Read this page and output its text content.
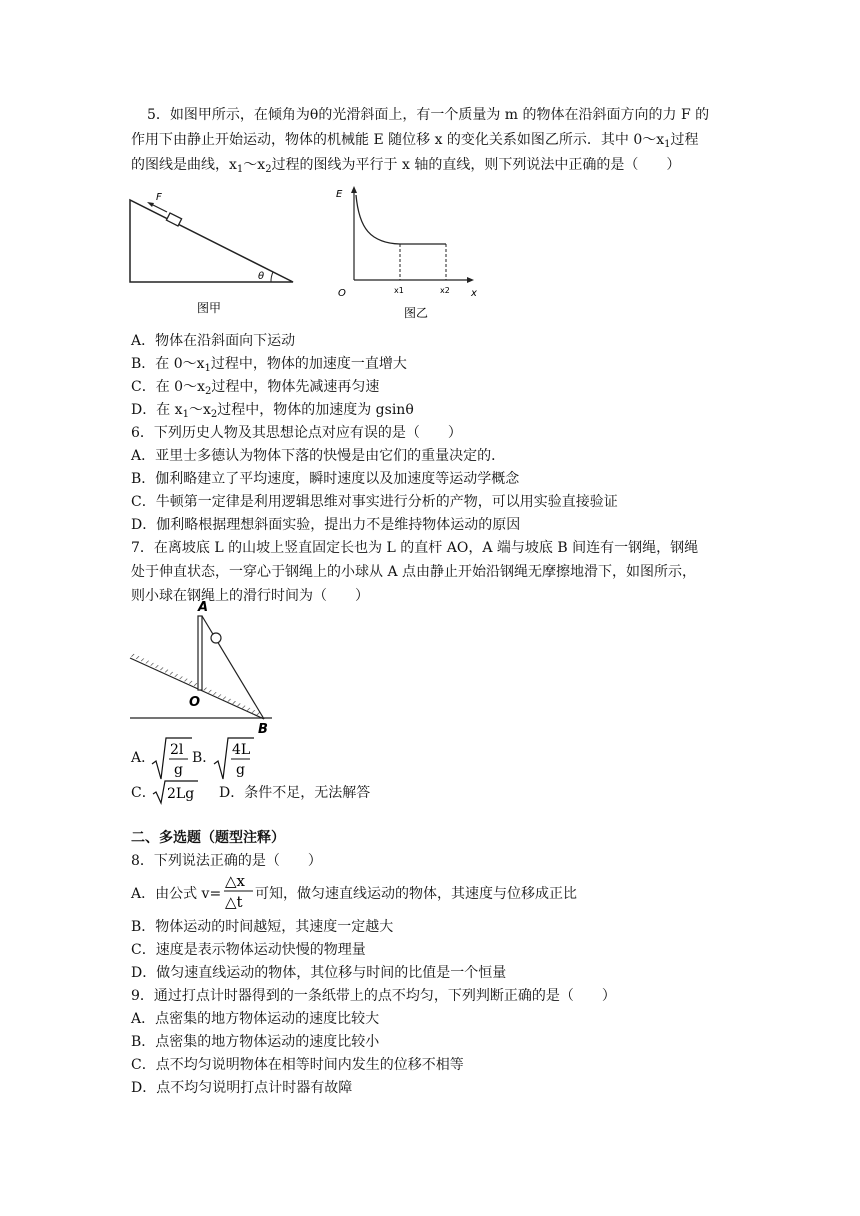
5．如图甲所示，在倾角为θ的光滑斜面上，有一个质量为 m 的物体在沿斜面方向的力 F 的
作用下由静止开始运动，物体的机械能 E 随位移 x 的变化关系如图乙所示．其中 $0\sim x_1$过程
的图线是曲线，$x_1\sim x_2$过程的图线为平行于 x 轴的直线，则下列说法中正确的是（　　）
F
θ
图甲
E
x
O	x1	x2
图乙
A．物体在沿斜面向下运动
B．在 $0\sim x_1$过程中，物体的加速度一直增大
C．在 $0\sim x_2$过程中，物体先减速再匀速
D．在 $x_1\sim x_2$过程中，物体的加速度为 gsinθ
6．下列历史人物及其思想论点对应有误的是（　　）
A．亚里士多德认为物体下落的快慢是由它们的重量决定的．
B．伽利略建立了平均速度，瞬时速度以及加速度等运动学概念
C．牛顿第一定律是利用逻辑思维对事实进行分析的产物，可以用实验直接验证
D．伽利略根据理想斜面实验，提出力不是维持物体运动的原因
7．在离坡底 L 的山坡上竖直固定长也为 L 的直杆 AO，A 端与坡底 B 间连有一钢绳，钢绳
处于伸直状态，一穿心于钢绳上的小球从 A 点由静止开始沿钢绳无摩擦地滑下，如图所示，
则小球在钢绳上的滑行时间为（　　）
A
O
B
A． 2l
g
B． 4L
g
C． 2Lg D．条件不足，无法解答
二、多选题（题型注释）
8．下列说法正确的是（　　）
A．由公式 v=
△x
△t 可知，做匀速直线运动的物体，其速度与位移成正比
B．物体运动的时间越短，其速度一定越大
C．速度是表示物体运动快慢的物理量
D．做匀速直线运动的物体，其位移与时间的比值是一个恒量
9．通过打点计时器得到的一条纸带上的点不均匀，下列判断正确的是（　　）
A．点密集的地方物体运动的速度比较大
B．点密集的地方物体运动的速度比较小
C．点不均匀说明物体在相等时间内发生的位移不相等
D．点不均匀说明打点计时器有故障
